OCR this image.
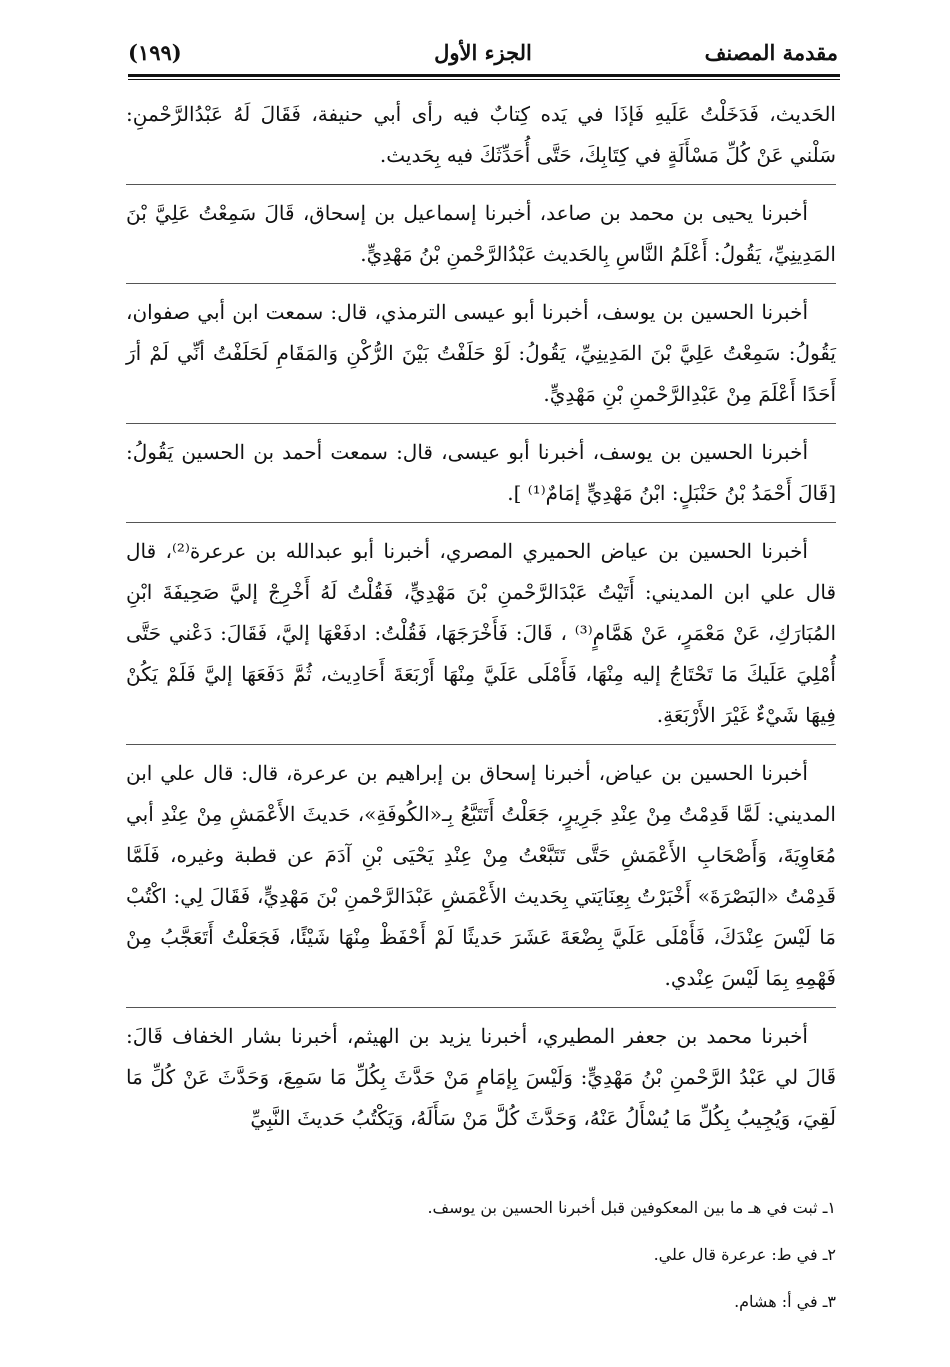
مقدمة المصنف
الجزء الأول
(١٩٩)

الحَديث، فَدَخَلْتُ عَلَيهِ فَإذَا في يَده كِتابٌ فيه رأى أبي حنيفة، فَقَالَ لَهُ عَبْدُالرَّحْمنِ: سَلْني عَنْ كُلِّ مَسْأَلَةٍ في كِتَابِكَ، حَتَّى أُحَدِّثَكَ فيه بِحَديث.

أخبرنا يحيى بن محمد بن صاعد، أخبرنا إسماعيل بن إسحاق، قَالَ سَمِعْتُ عَلِيَّ بْنَ المَدِينِيِّ، يَقُولُ: أَعْلَمُ النَّاسِ بِالحَديث عَبْدُالرَّحْمنِ بْنُ مَهْدِيٍّ.

أخبرنا الحسين بن يوسف، أخبرنا أبو عيسى الترمذي، قال: سمعت ابن أبي صفوان، يَقُولُ: سَمِعْتُ عَلِيَّ بْنَ المَدِينِيِّ، يَقُولُ: لَوْ حَلَفْتُ بَيْنَ الرُّكْنِ وَالمَقَامِ لَحَلَفْتُ أنِّي لَمْ أرَ أَحَدًا أَعْلَمَ مِنْ عَبْدِالرَّحْمنِ بْنِ مَهْدِيٍّ.

أخبرنا الحسين بن يوسف، أخبرنا أبو عيسى، قال: سمعت أحمد بن الحسين يَقُولُ: [قَالَ أَحْمَدُ بْنُ حَنْبَلٍ: ابْنُ مَهْدِيٍّ إمَامٌ⁽¹⁾ ].

أخبرنا الحسين بن عياض الحميري المصري، أخبرنا أبو عبدالله بن عرعرة⁽²⁾، قال قال علي ابن المديني: أَتَيْتُ عَبْدَالرَّحْمنِ بْنَ مَهْدِيٍّ، فَقُلْتُ لَهُ أَخْرِجْ إليَّ صَحِيفَةَ ابْنِ المُبَارَكِ، عَنْ مَعْمَرٍ، عَنْ هَمَّامٍ⁽³⁾ ، قَالَ: فَأَخْرَجَهَا، فَقُلْتُ: ادفَعْهَا إليَّ، فَقَالَ: دَعْني حَتَّى أُمْلِيَ عَلَيكَ مَا تَحْتَاجُ إليه مِنْهَا، فَأَمْلَى عَلَيَّ مِنْهَا أَرْبَعَةَ أَحَادِيث، ثُمَّ دَفَعَهَا إليَّ فَلَمْ يَكُنْ فِيهَا شَيْءٌ غَيْرَ الأَرْبَعَةِ.

أخبرنا الحسين بن عياض، أخبرنا إسحاق بن إبراهيم بن عرعرة، قال: قال علي ابن المديني: لَمَّا قَدِمْتُ مِنْ عِنْدِ جَرِيرٍ، جَعَلْتُ أَتَتَبَّعُ بِـ«الكُوفَةِ»، حَديثَ الأَعْمَشِ مِنْ عِنْدِ أبي مُعَاوِيَةَ، وَأَصْحَابِ الأَعْمَشِ حَتَّى تَتَبَّعْتُ مِنْ عِنْدِ يَحْيَى بْنِ آدَمَ عن قطبة وغيره، فَلَمَّا قَدِمْتُ «البَصْرَةَ» أَخْبَرْتُ بِعِنَايَتي بِحَديث الأَعْمَشِ عَبْدَالرَّحْمنِ بْنَ مَهْدِيٍّ، فَقَالَ لِي: اكْتُبْ مَا لَيْسَ عِنْدَكَ، فَأَمْلَى عَلَيَّ بِضْعَةَ عَشَرَ حَديثًا لَمْ أَحْفَظْ مِنْهَا شَيْئًا، فَجَعَلْتُ أَتَعَجَّبُ مِنْ فَهْمِهِ بِمَا لَيْسَ عِنْدي.

أخبرنا محمد بن جعفر المطيري، أخبرنا يزيد بن الهيثم، أخبرنا بشار الخفاف قَالَ: قَالَ لي عَبْدُ الرَّحْمنِ بْنُ مَهْدِيٍّ: وَلَيْسَ بِإمَامٍ مَنْ حَدَّثَ بِكُلِّ مَا سَمِعَ، وَحَدَّثَ عَنْ كُلِّ مَا لَقِيَ، وَيُجِيبُ بِكُلِّ مَا يُسْأَلُ عَنْهُ، وَحَدَّثَ كُلَّ مَنْ سَأَلَهُ، وَيَكْتُبُ حَديثَ النَّبِيِّ

١ـ ثبت في هـ ما بين المعكوفين قبل أخبرنا الحسين بن يوسف.
٢ـ في ط: عرعرة قال علي.
٣ـ في أ: هشام.
